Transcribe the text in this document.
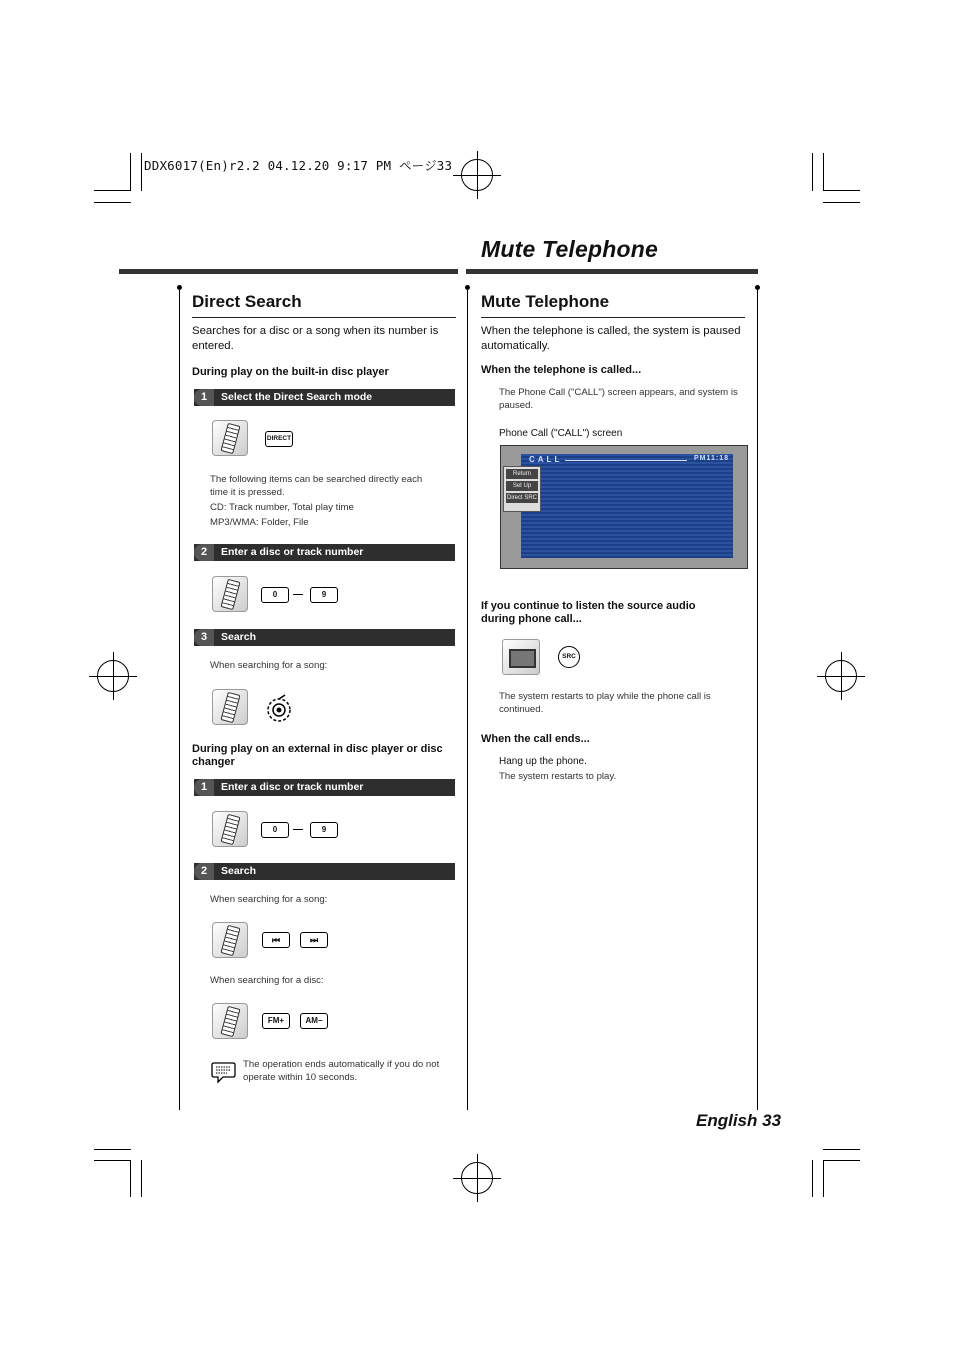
DDX6017(En)r2.2 04.12.20 9:17 PM ページ33
Mute Telephone
Direct Search
Searches for a disc or a song when its number is entered.
During play on the built-in disc player
1	Select the Direct Search mode
DIRECT
The following items can be searched directly each
time it is pressed.
CD: Track number, Total play time
MP3/WMA: Folder, File
2	Enter a disc or track number
0	9
3	Search
When searching for a song:
During play on an external in disc player or disc changer
1	Enter a disc or track number
0	9
2	Search
When searching for a song:
⏮	⏭
When searching for a disc:
FM+	AM−
The operation ends automatically if you do not operate within 10 seconds.
Mute Telephone
When the telephone is called, the system is paused automatically.
When the telephone is called...
The Phone Call ("CALL") screen appears, and system is paused.
Phone Call ("CALL") screen
CALL	PM11:18
Return
Set Up
Direct SRC
If you continue to listen the source audio during phone call...
SRC
The system restarts to play while the phone call is continued.
When the call ends...
Hang up the phone.
The system restarts to play.
English 33
